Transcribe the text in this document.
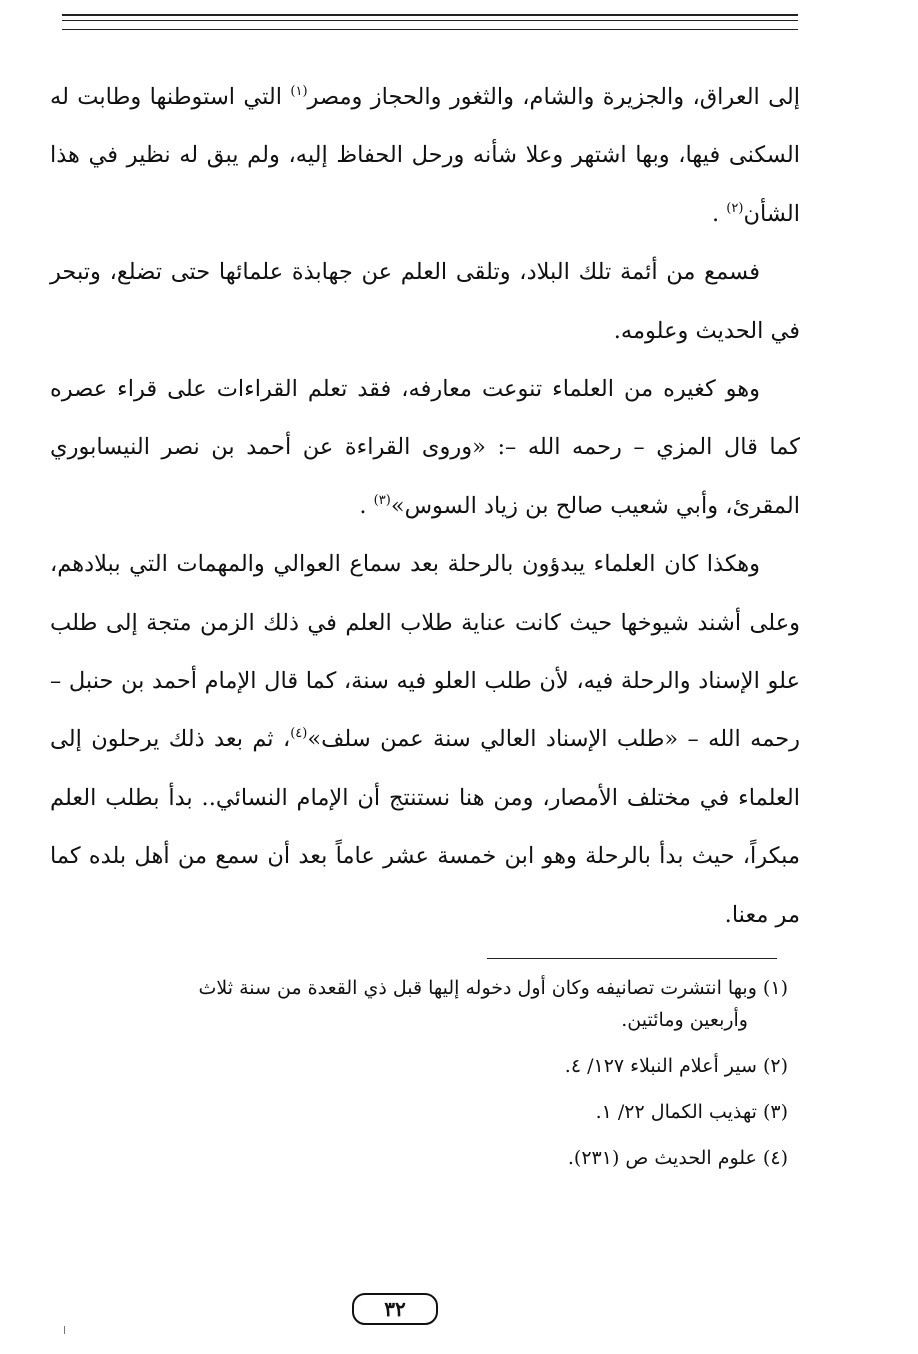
إلى العراق، والجزيرة والشام، والثغور والحجاز ومصر$^{(١)}$ التي استوطنها وطابت له السكنى فيها، وبها اشتهر وعلا شأنه ورحل الحفاظ إليه، ولم يبق له نظير في هذا الشأن$^{(٢)}$ .

فسمع من أئمة تلك البلاد، وتلقى العلم عن جهابذة علمائها حتى تضلع، وتبحر في الحديث وعلومه.

وهو كغيره من العلماء تنوعت معارفه، فقد تعلم القراءات على قراء عصره كما قال المزي – رحمه الله –: «وروى القراءة عن أحمد بن نصر النيسابوري المقرئ، وأبي شعيب صالح بن زياد السوس»$^{(٣)}$ .

وهكذا كان العلماء يبدؤون بالرحلة بعد سماع العوالي والمهمات التي ببلادهم، وعلى أشند شيوخها حيث كانت عناية طلاب العلم في ذلك الزمن متجة إلى طلب علو الإسناد والرحلة فيه، لأن طلب العلو فيه سنة، كما قال الإمام أحمد بن حنبل – رحمه الله – «طلب الإسناد العالي سنة عمن سلف»$^{(٤)}$، ثم بعد ذلك يرحلون إلى العلماء في مختلف الأمصار، ومن هنا نستنتج أن الإمام النسائي.. بدأ بطلب العلم مبكراً، حيث بدأ بالرحلة وهو ابن خمسة عشر عاماً بعد أن سمع من أهل بلده كما مر معنا.

(١) وبها انتشرت تصانيفه وكان أول دخوله إليها قبل ذي القعدة من سنة ثلاث
وأربعين ومائتين.

(٢) سير أعلام النبلاء ١٢٧/ ٤.

(٣) تهذيب الكمال ٢٢/ ١.

(٤) علوم الحديث ص (٢٣١).

٣٢
